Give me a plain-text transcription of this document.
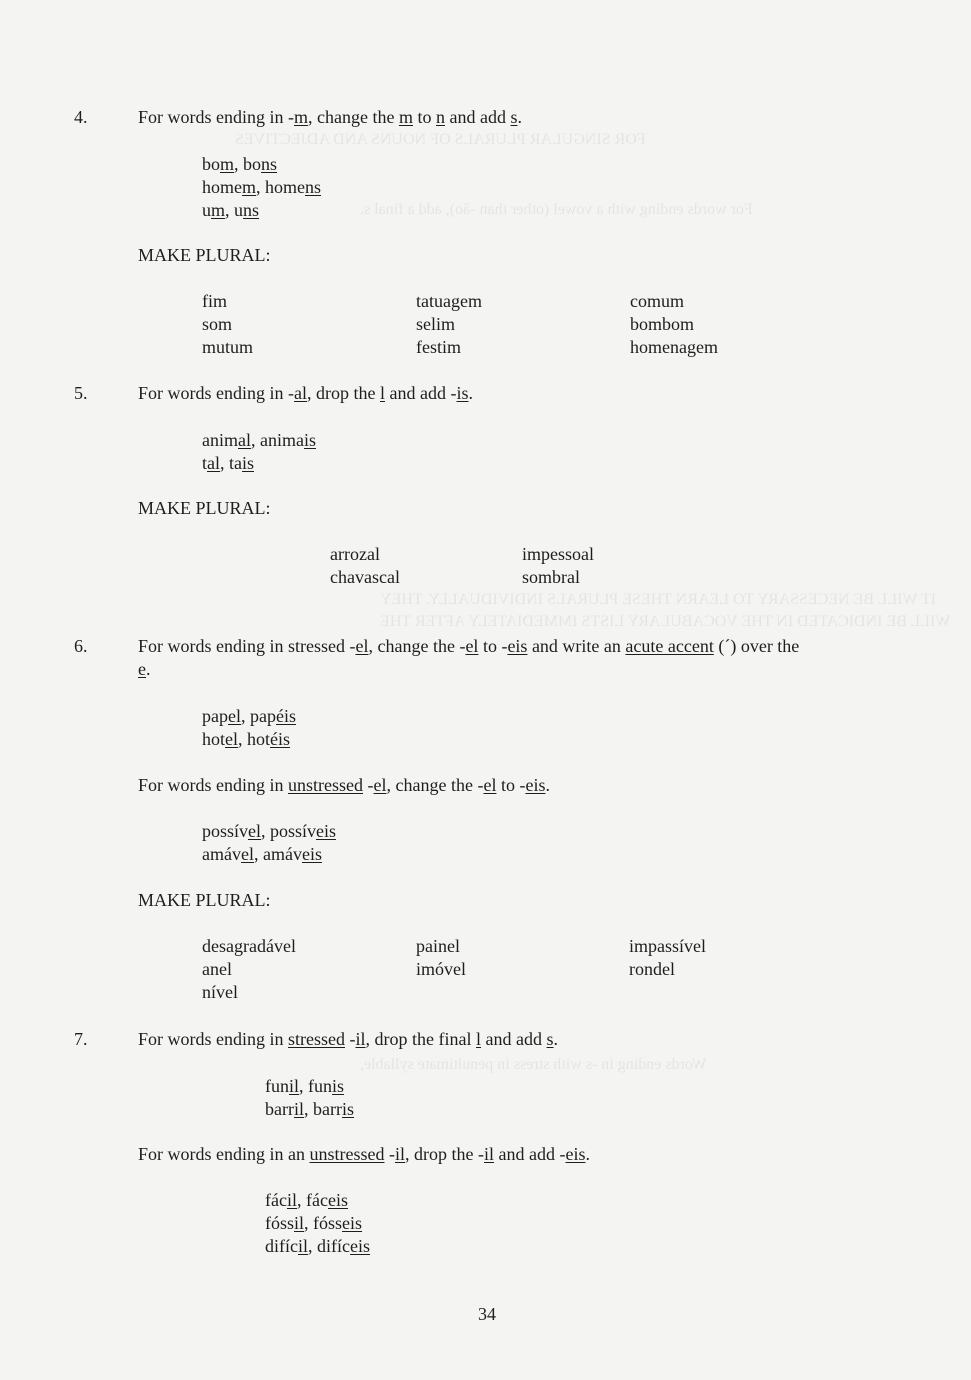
FOR SINGULAR PLURALS OF NOUNS AND ADJECTIVES
For words ending with a vowel (other than -ão), add a final s.
IT WILL BE NECESSARY TO LEARN THESE PLURALS INDIVIDUALLY. THEY
WILL BE INDICATED IN THE VOCABULARY LISTS IMMEDIATELY AFTER THE
Words ending in -s with stress in penultimate syllable,
4.	For words ending in -m, change the m to n and add s.
bom, bons
homem, homens
um, uns
MAKE PLURAL:
fim	tatuagem	comum
som	selim	bombom
mutum	festim	homenagem
5.	For words ending in -al, drop the l and add -is.
animal, animais
tal, tais
MAKE PLURAL:
arrozal	impessoal
chavascal	sombral
6.	For words ending in stressed -el, change the -el to -eis and write an acute accent (´) over the
e.
papel, papéis
hotel, hotéis
For words ending in unstressed -el, change the -el to -eis.
possível, possíveis
amável, amáveis
MAKE PLURAL:
desagradável	painel	impassível
anel	imóvel	rondel
nível
7.	For words ending in stressed -il, drop the final l and add s.
funil, funis
barril, barris
For words ending in an unstressed -il, drop the -il and add -eis.
fácil, fáceis
fóssil, fósseis
difícil, difíceis
34
